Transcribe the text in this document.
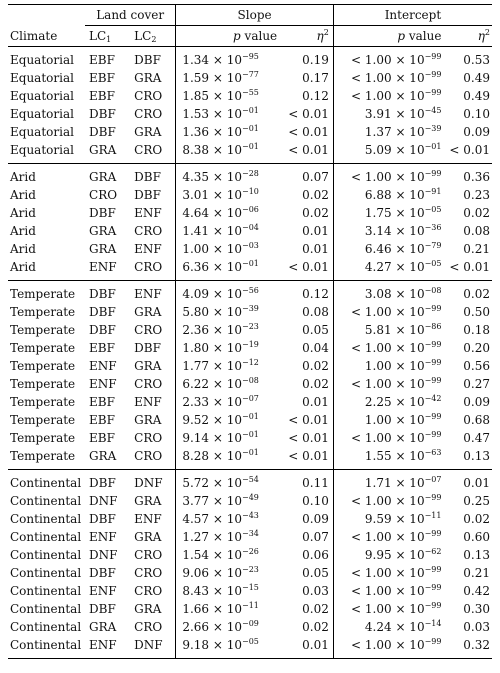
	Land cover		Slope		Intercept	
Climate	$LC_1$	$LC_2$	p value	$\eta^2$	p value	$\eta^2$
Equatorial	EBF	DBF	$1.34 \times 10^{-95}$	0.19	< $1.00 \times 10^{-99}$	0.53
Equatorial	EBF	GRA	$1.59 \times 10^{-77}$	0.17	< $1.00 \times 10^{-99}$	0.49
Equatorial	EBF	CRO	$1.85 \times 10^{-55}$	0.12	< $1.00 \times 10^{-99}$	0.49
Equatorial	DBF	CRO	$1.53 \times 10^{-01}$	< 0.01	$3.91 \times 10^{-45}$	0.10
Equatorial	DBF	GRA	$1.36 \times 10^{-01}$	< 0.01	$1.37 \times 10^{-39}$	0.09
Equatorial	GRA	CRO	$8.38 \times 10^{-01}$	< 0.01	$5.09 \times 10^{-01}$	< 0.01
Arid	GRA	DBF	$4.35 \times 10^{-28}$	0.07	< $1.00 \times 10^{-99}$	0.36
Arid	CRO	DBF	$3.01 \times 10^{-10}$	0.02	$6.88 \times 10^{-91}$	0.23
Arid	DBF	ENF	$4.64 \times 10^{-06}$	0.02	$1.75 \times 10^{-05}$	0.02
Arid	GRA	CRO	$1.41 \times 10^{-04}$	0.01	$3.14 \times 10^{-36}$	0.08
Arid	GRA	ENF	$1.00 \times 10^{-03}$	0.01	$6.46 \times 10^{-79}$	0.21
Arid	ENF	CRO	$6.36 \times 10^{-01}$	< 0.01	$4.27 \times 10^{-05}$	< 0.01
Temperate	DBF	ENF	$4.09 \times 10^{-56}$	0.12	$3.08 \times 10^{-08}$	0.02
Temperate	DBF	GRA	$5.80 \times 10^{-39}$	0.08	< $1.00 \times 10^{-99}$	0.50
Temperate	DBF	CRO	$2.36 \times 10^{-23}$	0.05	$5.81 \times 10^{-86}$	0.18
Temperate	EBF	DBF	$1.80 \times 10^{-19}$	0.04	< $1.00 \times 10^{-99}$	0.20
Temperate	ENF	GRA	$1.77 \times 10^{-12}$	0.02	$1.00 \times 10^{-99}$	0.56
Temperate	ENF	CRO	$6.22 \times 10^{-08}$	0.02	< $1.00 \times 10^{-99}$	0.27
Temperate	EBF	ENF	$2.33 \times 10^{-07}$	0.01	$2.25 \times 10^{-42}$	0.09
Temperate	EBF	GRA	$9.52 \times 10^{-01}$	< 0.01	$1.00 \times 10^{-99}$	0.68
Temperate	EBF	CRO	$9.14 \times 10^{-01}$	< 0.01	< $1.00 \times 10^{-99}$	0.47
Temperate	GRA	CRO	$8.28 \times 10^{-01}$	< 0.01	$1.55 \times 10^{-63}$	0.13
Continental	DBF	DNF	$5.72 \times 10^{-54}$	0.11	$1.71 \times 10^{-07}$	0.01
Continental	DNF	GRA	$3.77 \times 10^{-49}$	0.10	< $1.00 \times 10^{-99}$	0.25
Continental	DBF	ENF	$4.57 \times 10^{-43}$	0.09	$9.59 \times 10^{-11}$	0.02
Continental	ENF	GRA	$1.27 \times 10^{-34}$	0.07	< $1.00 \times 10^{-99}$	0.60
Continental	DNF	CRO	$1.54 \times 10^{-26}$	0.06	$9.95 \times 10^{-62}$	0.13
Continental	DBF	CRO	$9.06 \times 10^{-23}$	0.05	< $1.00 \times 10^{-99}$	0.21
Continental	ENF	CRO	$8.43 \times 10^{-15}$	0.03	< $1.00 \times 10^{-99}$	0.42
Continental	DBF	GRA	$1.66 \times 10^{-11}$	0.02	< $1.00 \times 10^{-99}$	0.30
Continental	GRA	CRO	$2.66 \times 10^{-09}$	0.02	$4.24 \times 10^{-14}$	0.03
Continental	ENF	DNF	$9.18 \times 10^{-05}$	0.01	< $1.00 \times 10^{-99}$	0.32
